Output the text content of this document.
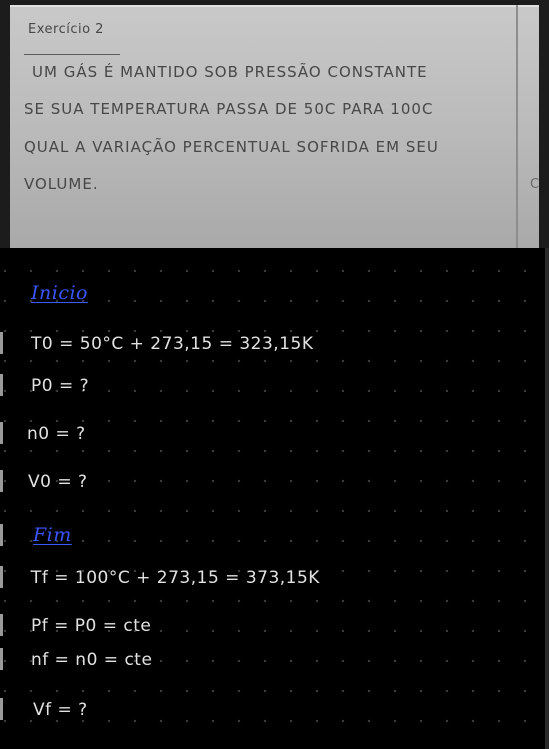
Exercício 2
UM GÁS É MANTIDO SOB PRESSÃO CONSTANTE
SE SUA TEMPERATURA PASSA DE 50C PARA 100C
QUAL A VARIAÇÃO PERCENTUAL SOFRIDA EM SEU
VOLUME.	C
Inicio
T0 = 50°C + 273,15 = 323,15K
P0 = ?
n0 = ?
V0 = ?
Fim
Tf = 100°C + 273,15 = 373,15K
Pf = P0 = cte
nf = n0 = cte
Vf = ?
